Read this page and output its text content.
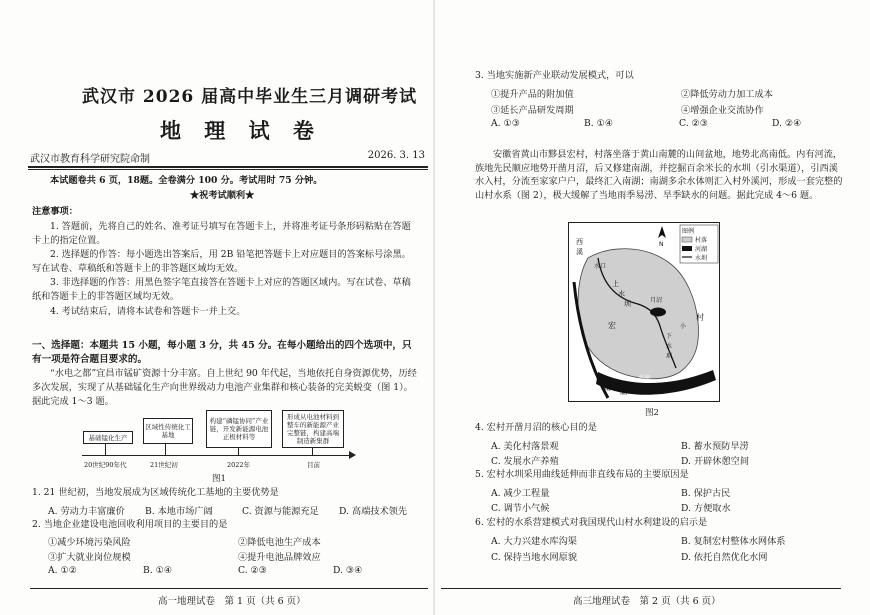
武汉市 2026 届高中毕业生三月调研考试
地 理 试 卷
武汉市教育科学研究院命制	2026. 3. 13
本试题卷共 6 页，18题。全卷满分 100 分。考试用时 75 分钟。
★祝考试顺利★
注意事项：
1. 答题前，先将自己的姓名、准考证号填写在答题卡上，并将准考证号条形码粘贴在答题卡上的指定位置。
2. 选择题的作答：每小题选出答案后，用 2B 铅笔把答题卡上对应题目的答案标号涂黑。写在试卷、草稿纸和答题卡上的非答题区域均无效。
3. 非选择题的作答：用黑色签字笔直接答在答题卡上对应的答题区域内。写在试卷、草稿纸和答题卡上的非答题区域均无效。
4. 考试结束后，请将本试卷和答题卡一并上交。
一、选择题：本题共 15 小题，每小题 3 分，共 45 分。在每小题给出的四个选项中，只有一项是符合题目要求的。
“水电之都”宜昌市锰矿资源十分丰富。自上世纪 90 年代起，当地依托自身资源优势，历经多次发展，实现了从基础锰化生产向世界级动力电池产业集群和核心装备的完美蜕变（图 1）。据此完成 1～3 题。
基础锰化生产
区域性传统化工基地
构建“磷锰协同”产业链，开发新能源电池正极材料等
形成从电池材料到整车的新能源产业完整链，构建高端制造新集群
20世纪90年代	21世纪初	2022年	目前
图1
1. 21 世纪初，当地发展成为区域传统化工基地的主要优势是
A. 劳动力丰富廉价	B. 本地市场广阔	C. 资源与能源充足	D. 高端技术领先
2. 当地企业建设电池回收利用项目的主要目的是
①减少环境污染风险	②降低电池生产成本
③扩大就业岗位规模	④提升电池品牌效应
A. ①②	B. ①④	C. ②③	D. ③④
高一地理试卷　第 1 页（共 6 页）
3. 当地实施新产业联动发展模式，可以
①提升产品的附加值	②降低劳动力加工成本
③延长产品研发周期	④增强企业交流协作
A. ①③	B. ①④	C. ②③	D. ②④
安徽省黄山市黟县宏村，村落坐落于黄山南麓的山间盆地，地势北高南低。内有河流，族地先民顺应地势开凿月沼，后又修建南湖，并挖掘百余米长的水圳（引水渠道），引西溪水入村，分流至家家户户，最终汇入南湖；南湖多余水体则汇入村外溪河，形成一套完整的山村水系（图 2），极大缓解了当地雨季易涝、旱季缺水的问题。据此完成 4～6 题。
西
溪
水口
上
水
圳	月沼
宏
村
小
下
水
圳
南湖
南 湖
N
图例
村落
河湖
水圳
图2
4. 宏村开凿月沼的核心目的是
A. 美化村落景观	B. 蓄水预防旱涝
C. 发展水产养殖	D. 开辟休憩空间
5. 宏村水圳采用曲线延伸而非直线布局的主要原因是
A. 减少工程量	B. 保护古民
C. 调节小气候	D. 方便取水
6. 宏村的水系营建模式对我国现代山村水利建设的启示是
A. 大力兴建水库沟渠	B. 复制宏村整体水网体系
C. 保持当地水网原貌	D. 依托自然优化水网
高三地理试卷　第 2 页（共 6 页）
